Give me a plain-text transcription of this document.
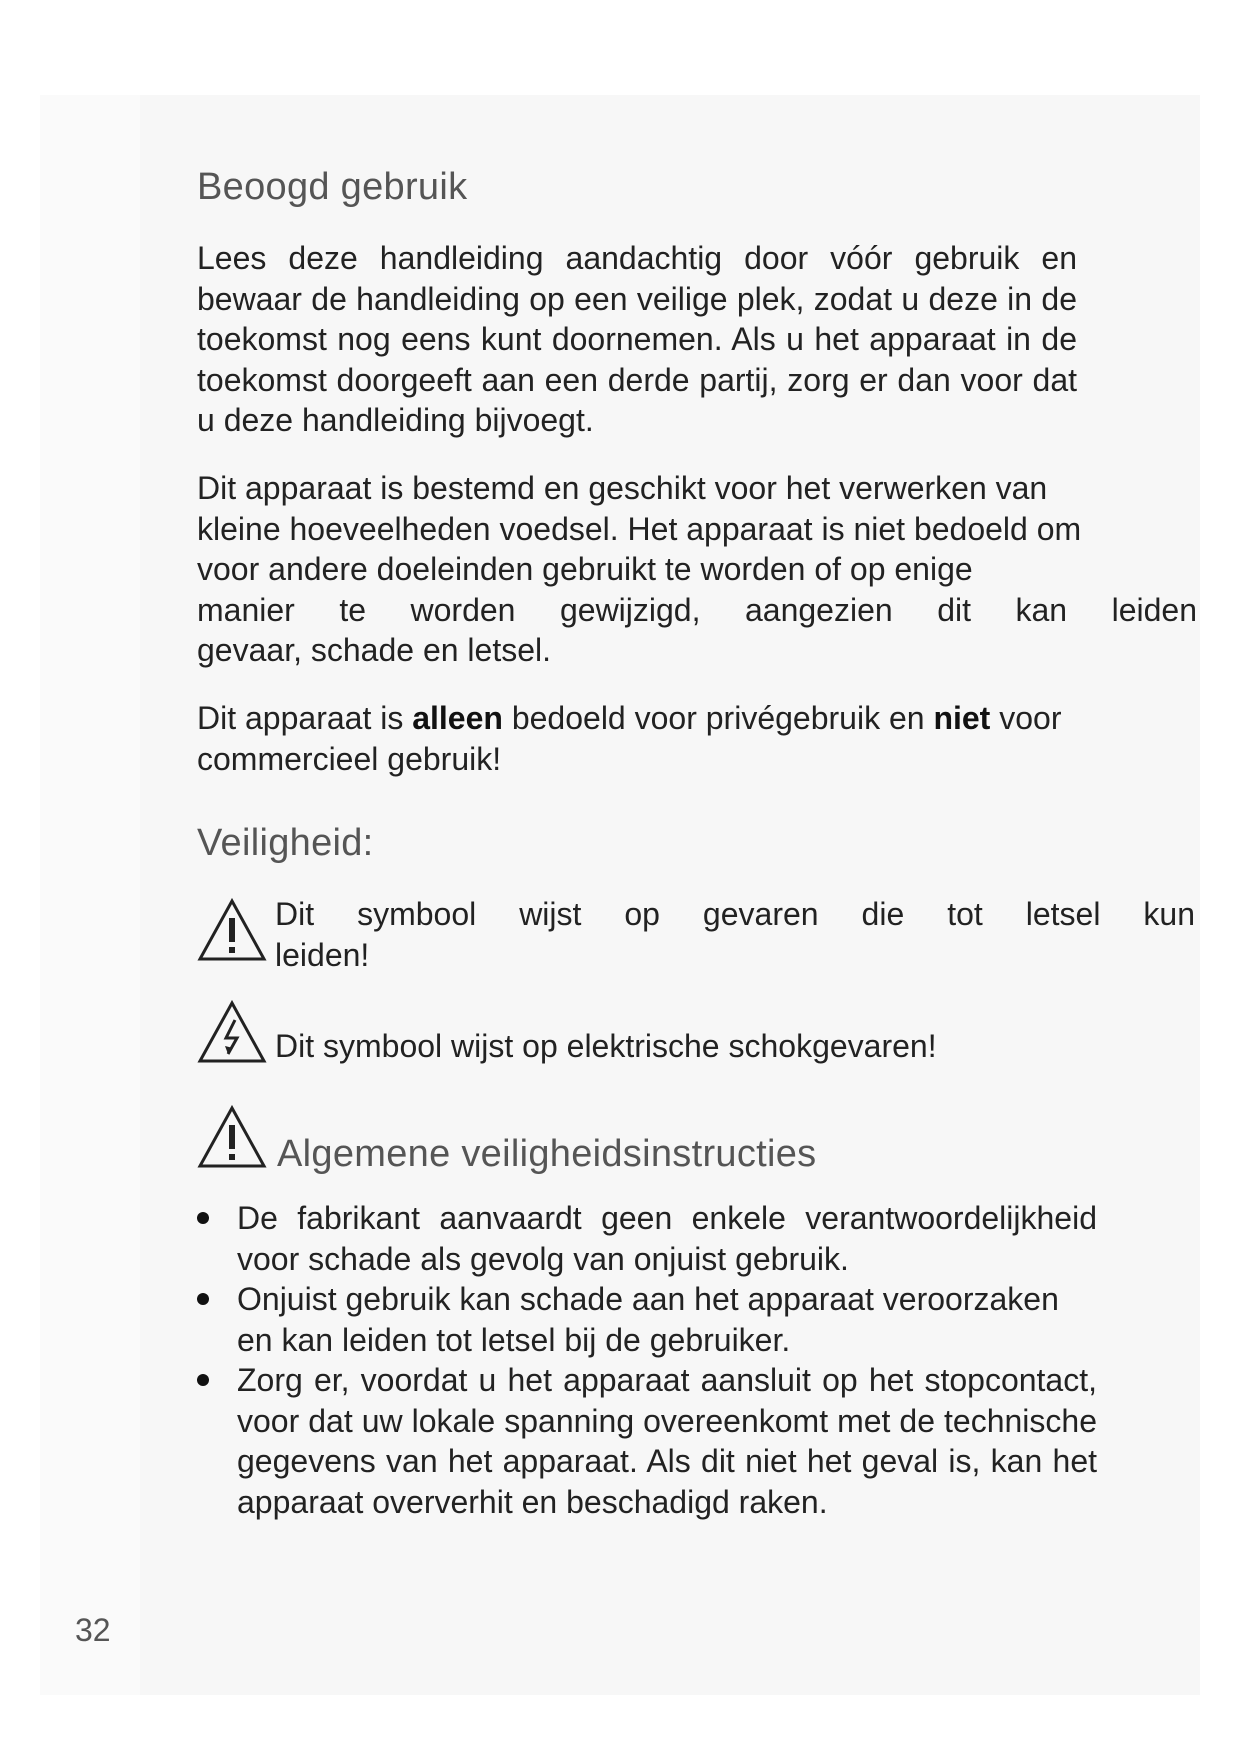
Beoogd gebruik

Lees deze handleiding aandachtig door vóór gebruik en bewaar de handleiding op een veilige plek, zodat u deze in de toekomst nog eens kunt doornemen. Als u het apparaat in de toekomst doorgeeft aan een derde partij, zorg er dan voor dat u deze handleiding bijvoegt.

Dit apparaat is bestemd en geschikt voor het verwerken van kleine hoeveelheden voedsel. Het apparaat is niet bedoeld om voor andere doeleinden gebruikt te worden of op enige

manier te worden gewijzigd, aangezien dit kan leiden

gevaar, schade en letsel.

Dit apparaat is alleen bedoeld voor privégebruik en niet voor commercieel gebruik!

Veiligheid:
Dit symbool wijst op gevaren die tot letsel kun
leiden!
Dit symbool wijst op elektrische schokgevaren!
Algemene veiligheidsinstructies
De fabrikant aanvaardt geen enkele verantwoordelijkheid voor schade als gevolg van onjuist gebruik.
Onjuist gebruik kan schade aan het apparaat veroorzaken en kan leiden tot letsel bij de gebruiker.
Zorg er, voordat u het apparaat aansluit op het stopcontact, voor dat uw lokale spanning overeenkomt met de technische gegevens van het apparaat. Als dit niet het geval is, kan het apparaat oververhit en beschadigd raken.
32
